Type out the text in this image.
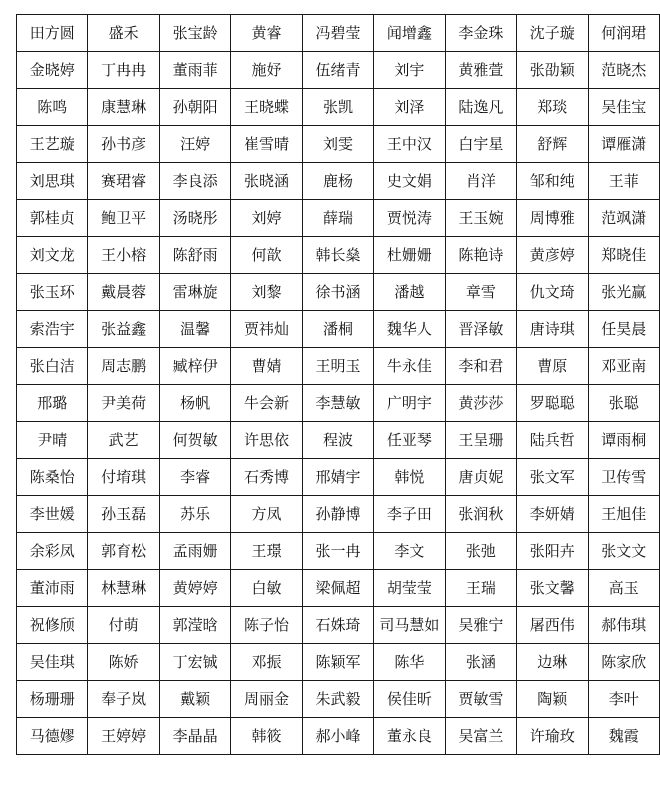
田方圆	盛禾	张宝龄	黄睿	冯碧莹	闻增鑫	李金珠	沈子璇	何润珺
金晓婷	丁冉冉	董雨菲	施妤	伍绪青	刘宇	黄雅萱	张劭颖	范晓杰
陈鸣	康慧琳	孙朝阳	王晓蝶	张凯	刘泽	陆逸凡	郑琰	吴佳宝
王艺璇	孙书彦	汪婷	崔雪晴	刘雯	王中汉	白宇星	舒辉	谭雁潇
刘思琪	赛珺睿	李良添	张晓涵	鹿杨	史文娟	肖洋	邹和纯	王菲
郭桂贞	鲍卫平	汤晓彤	刘婷	薛瑞	贾悦涛	王玉婉	周博雅	范飒潇
刘文龙	王小榕	陈舒雨	何歆	韩长燊	杜姗姗	陈艳诗	黄彦婷	郑晓佳
张玉环	戴晨蓉	雷琳旋	刘黎	徐书涵	潘越	章雪	仇文琦	张光赢
索浩宇	张益鑫	温馨	贾祎灿	潘桐	魏华人	晋泽敏	唐诗琪	任昊晨
张白洁	周志鹏	臧梓伊	曹婧	王明玉	牛永佳	李和君	曹原	邓亚南
邢璐	尹美荷	杨帆	牛会新	李慧敏	广明宇	黄莎莎	罗聪聪	张聪
尹晴	武艺	何贺敏	许思依	程波	任亚琴	王呈珊	陆兵哲	谭雨桐
陈桑怡	付堉琪	李睿	石秀博	邢婧宇	韩悦	唐贞妮	张文军	卫传雪
李世媛	孙玉磊	苏乐	方凤	孙静博	李子田	张润秋	李妍婧	王旭佳
余彩凤	郭育松	孟雨姗	王璟	张一冉	李文	张弛	张阳卉	张文文
董沛雨	林慧琳	黄婷婷	白敏	梁佩超	胡莹莹	王瑞	张文馨	高玉
祝修颀	付萌	郭滢晗	陈子怡	石姝琦	司马慧如	吴雅宁	屠西伟	郝伟琪
吴佳琪	陈娇	丁宏铖	邓振	陈颖军	陈华	张涵	边琳	陈家欣
杨珊珊	奉子岚	戴颖	周丽金	朱武毅	侯佳昕	贾敏雪	陶颖	李叶
马德嫪	王婷婷	李晶晶	韩筱	郝小峰	董永良	吴富兰	许瑜玫	魏霞
